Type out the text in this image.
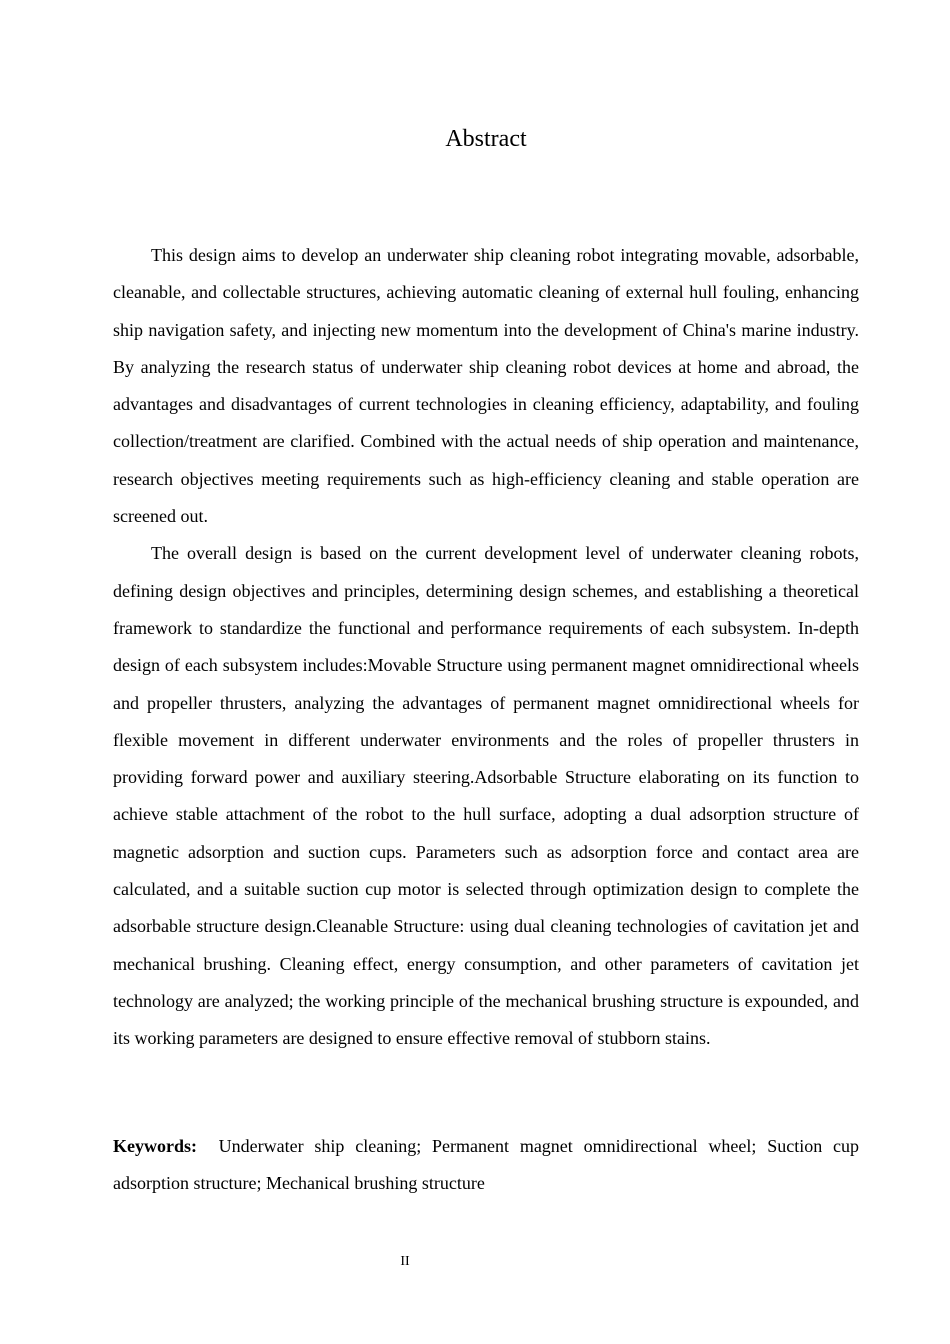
Abstract

This design aims to develop an underwater ship cleaning robot integrating movable, adsorbable, cleanable, and collectable structures, achieving automatic cleaning of external hull fouling, enhancing ship navigation safety, and injecting new momentum into the development of China's marine industry. By analyzing the research status of underwater ship cleaning robot devices at home and abroad, the advantages and disadvantages of current technologies in cleaning efficiency, adaptability, and fouling collection/treatment are clarified. Combined with the actual needs of ship operation and maintenance, research objectives meeting requirements such as high-efficiency cleaning and stable operation are screened out.

The overall design is based on the current development level of underwater cleaning robots, defining design objectives and principles, determining design schemes, and establishing a theoretical framework to standardize the functional and performance requirements of each subsystem. In-depth design of each subsystem includes:Movable Structure using permanent magnet omnidirectional wheels and propeller thrusters, analyzing the advantages of permanent magnet omnidirectional wheels for flexible movement in different underwater environments and the roles of propeller thrusters in providing forward power and auxiliary steering.Adsorbable Structure elaborating on its function to achieve stable attachment of the robot to the hull surface, adopting a dual adsorption structure of magnetic adsorption and suction cups. Parameters such as adsorption force and contact area are calculated, and a suitable suction cup motor is selected through optimization design to complete the adsorbable structure design.Cleanable Structure: using dual cleaning technologies of cavitation jet and mechanical brushing. Cleaning effect, energy consumption, and other parameters of cavitation jet technology are analyzed; the working principle of the mechanical brushing structure is expounded, and its working parameters are designed to ensure effective removal of stubborn stains.

Keywords: Underwater ship cleaning; Permanent magnet omnidirectional wheel; Suction cup adsorption structure; Mechanical brushing structure

II
